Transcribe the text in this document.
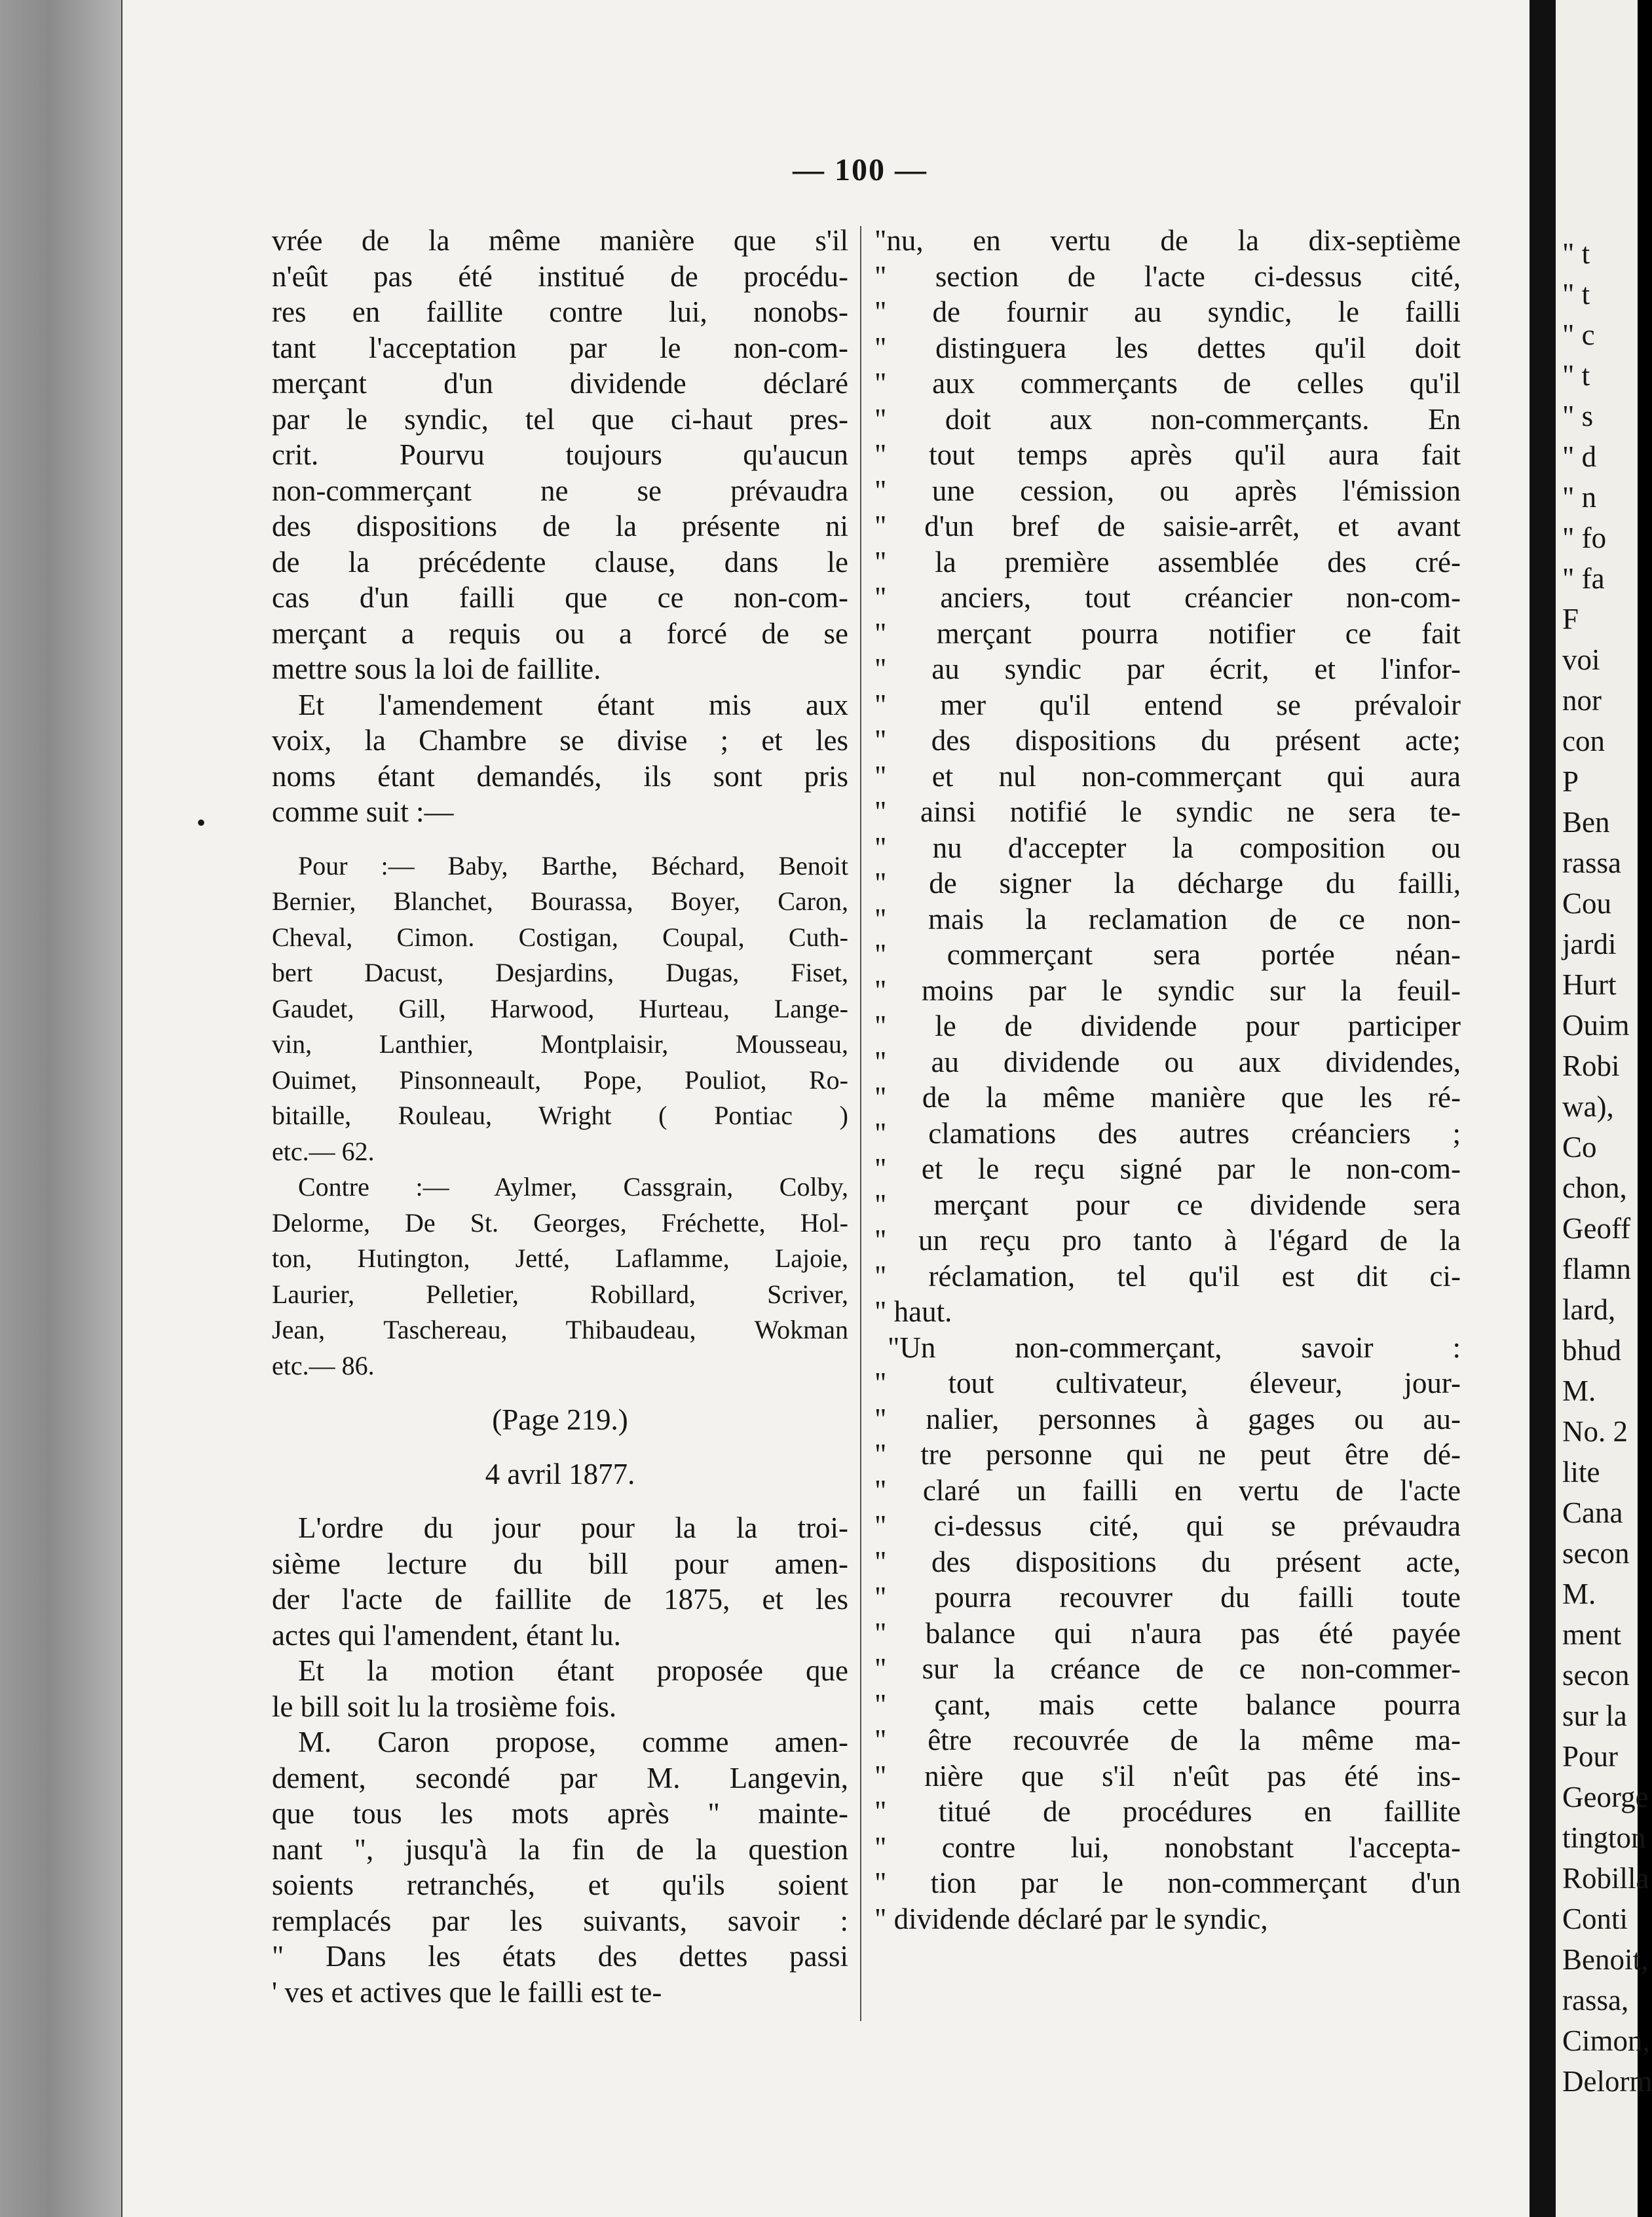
— 100 —
•
vrée de la même manière que s'il
n'eût pas été institué de procédu-
res en faillite contre lui, nonobs-
tant l'acceptation par le non-com-
merçant d'un dividende déclaré
par le syndic, tel que ci-haut pres-
crit. Pourvu toujours qu'aucun
non-commerçant ne se prévaudra
des dispositions de la présente ni
de la précédente clause, dans le
cas d'un failli que ce non-com-
merçant a requis ou a forcé de se
mettre sous la loi de faillite.
Et l'amendement étant mis aux
voix, la Chambre se divise ; et les
noms étant demandés, ils sont pris
comme suit :—
Pour :— Baby, Barthe, Béchard, Benoit
Bernier, Blanchet, Bourassa, Boyer, Caron,
Cheval, Cimon. Costigan, Coupal, Cuth-
bert Dacust, Desjardins, Dugas, Fiset,
Gaudet, Gill, Harwood, Hurteau, Lange-
vin, Lanthier, Montplaisir, Mousseau,
Ouimet, Pinsonneault, Pope, Pouliot, Ro-
bitaille, Rouleau, Wright ( Pontiac )
etc.— 62.
Contre :— Aylmer, Cassgrain, Colby,
Delorme, De St. Georges, Fréchette, Hol-
ton, Hutington, Jetté, Laflamme, Lajoie,
Laurier, Pelletier, Robillard, Scriver,
Jean, Taschereau, Thibaudeau, Wokman
etc.— 86.
(Page 219.)
4 avril 1877.
L'ordre du jour pour la la troi-
sième lecture du bill pour amen-
der l'acte de faillite de 1875, et les
actes qui l'amendent, étant lu.
Et la motion étant proposée que
le bill soit lu la trosième fois.
M. Caron propose, comme amen-
dement, secondé par M. Langevin,
que tous les mots après " mainte-
nant ", jusqu'à la fin de la question
soients retranchés, et qu'ils soient
remplacés par les suivants, savoir :
" Dans les états des dettes passi
' ves et actives que le failli est te-
"nu, en vertu de la dix-septième
" section de l'acte ci-dessus cité,
" de fournir au syndic, le failli
" distinguera les dettes qu'il doit
" aux commerçants de celles qu'il
" doit aux non-commerçants. En
" tout temps après qu'il aura fait
" une cession, ou après l'émission
" d'un bref de saisie-arrêt, et avant
" la première assemblée des cré-
" anciers, tout créancier non-com-
" merçant pourra notifier ce fait
" au syndic par écrit, et l'infor-
" mer qu'il entend se prévaloir
" des dispositions du présent acte;
" et nul non-commerçant qui aura
" ainsi notifié le syndic ne sera te-
" nu d'accepter la composition ou
" de signer la décharge du failli,
" mais la reclamation de ce non-
" commerçant sera portée néan-
" moins par le syndic sur la feuil-
" le de dividende pour participer
" au dividende ou aux dividendes,
" de la même manière que les ré-
" clamations des autres créanciers ;
" et le reçu signé par le non-com-
" merçant pour ce dividende sera
" un reçu pro tanto à l'égard de la
" réclamation, tel qu'il est dit ci-
" haut.
"Un non-commerçant, savoir :
" tout cultivateur, éleveur, jour-
" nalier, personnes à gages ou au-
" tre personne qui ne peut être dé-
" claré un failli en vertu de l'acte
" ci-dessus cité, qui se prévaudra
" des dispositions du présent acte,
" pourra recouvrer du failli toute
" balance qui n'aura pas été payée
" sur la créance de ce non-commer-
" çant, mais cette balance pourra
" être recouvrée de la même ma-
" nière que s'il n'eût pas été ins-
" titué de procédures en faillite
" contre lui, nonobstant l'accepta-
" tion par le non-commerçant d'un
" dividende déclaré par le syndic,
" t
" t
" c
" t
" s
" d
" n
" fo
" fa
F
voi
nor
con
P
Ben
rassa
Cou
jardi
Hurt
Ouim
Robi
wa),
Co
chon,
Geoff
flamn
lard,
bhud
M.
No. 2
lite
Cana
secon
M.
ment
secon
sur la
Pour
George
tington
Robilla
Conti
Benoit,
rassa,
Cimon,
Delorm
